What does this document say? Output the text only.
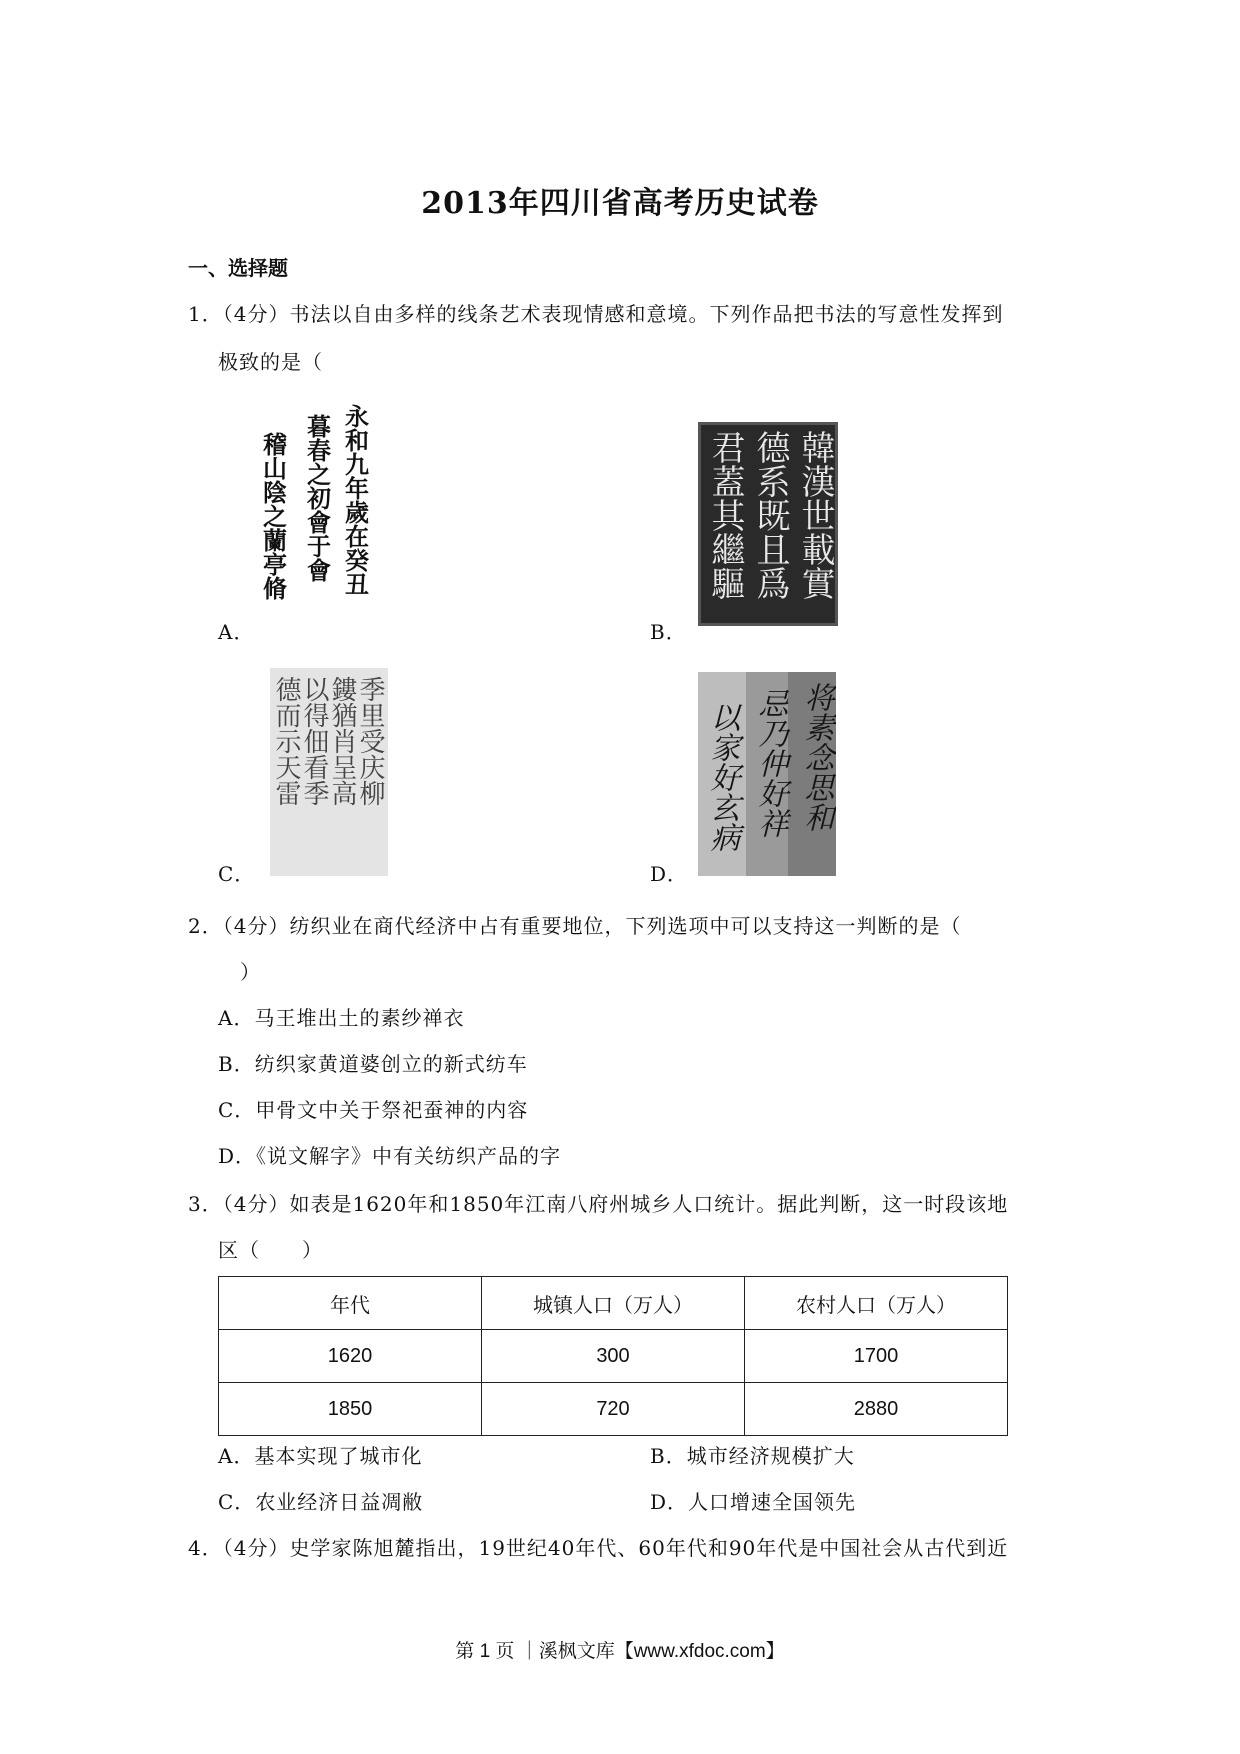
2013年四川省高考历史试卷
一、选择题
1．（4分）书法以自由多样的线条艺术表现情感和意境。下列作品把书法的写意性发挥到
极致的是（
永和九年歲在癸丑
暮春之初會于會
稽山陰之蘭亭脩
A．
韓漢世載實
德系既且爲
君蓋其繼驅
B．
季里受庆柳
鏤猶肖呈高
以得佃看季
德而示天雷
C．
将素念思和
忌乃仲好祥
以家好玄病
D．
2．（4分）纺织业在商代经济中占有重要地位，下列选项中可以支持这一判断的是（
）
A．马王堆出土的素纱禅衣
B．纺织家黄道婆创立的新式纺车
C．甲骨文中关于祭祀蚕神的内容
D．《说文解字》中有关纺织产品的字
3．（4分）如表是1620年和1850年江南八府州城乡人口统计。据此判断，这一时段该地
区（　　）
年代	城镇人口（万人）	农村人口（万人）
1620	300	1700
1850	720	2880
A．基本实现了城市化	B．城市经济规模扩大
C．农业经济日益凋敝	D．人口增速全国领先
4．（4分）史学家陈旭麓指出，19世纪40年代、60年代和90年代是中国社会从古代到近
第 1 页 ｜溪枫文库【www.xfdoc.com】
